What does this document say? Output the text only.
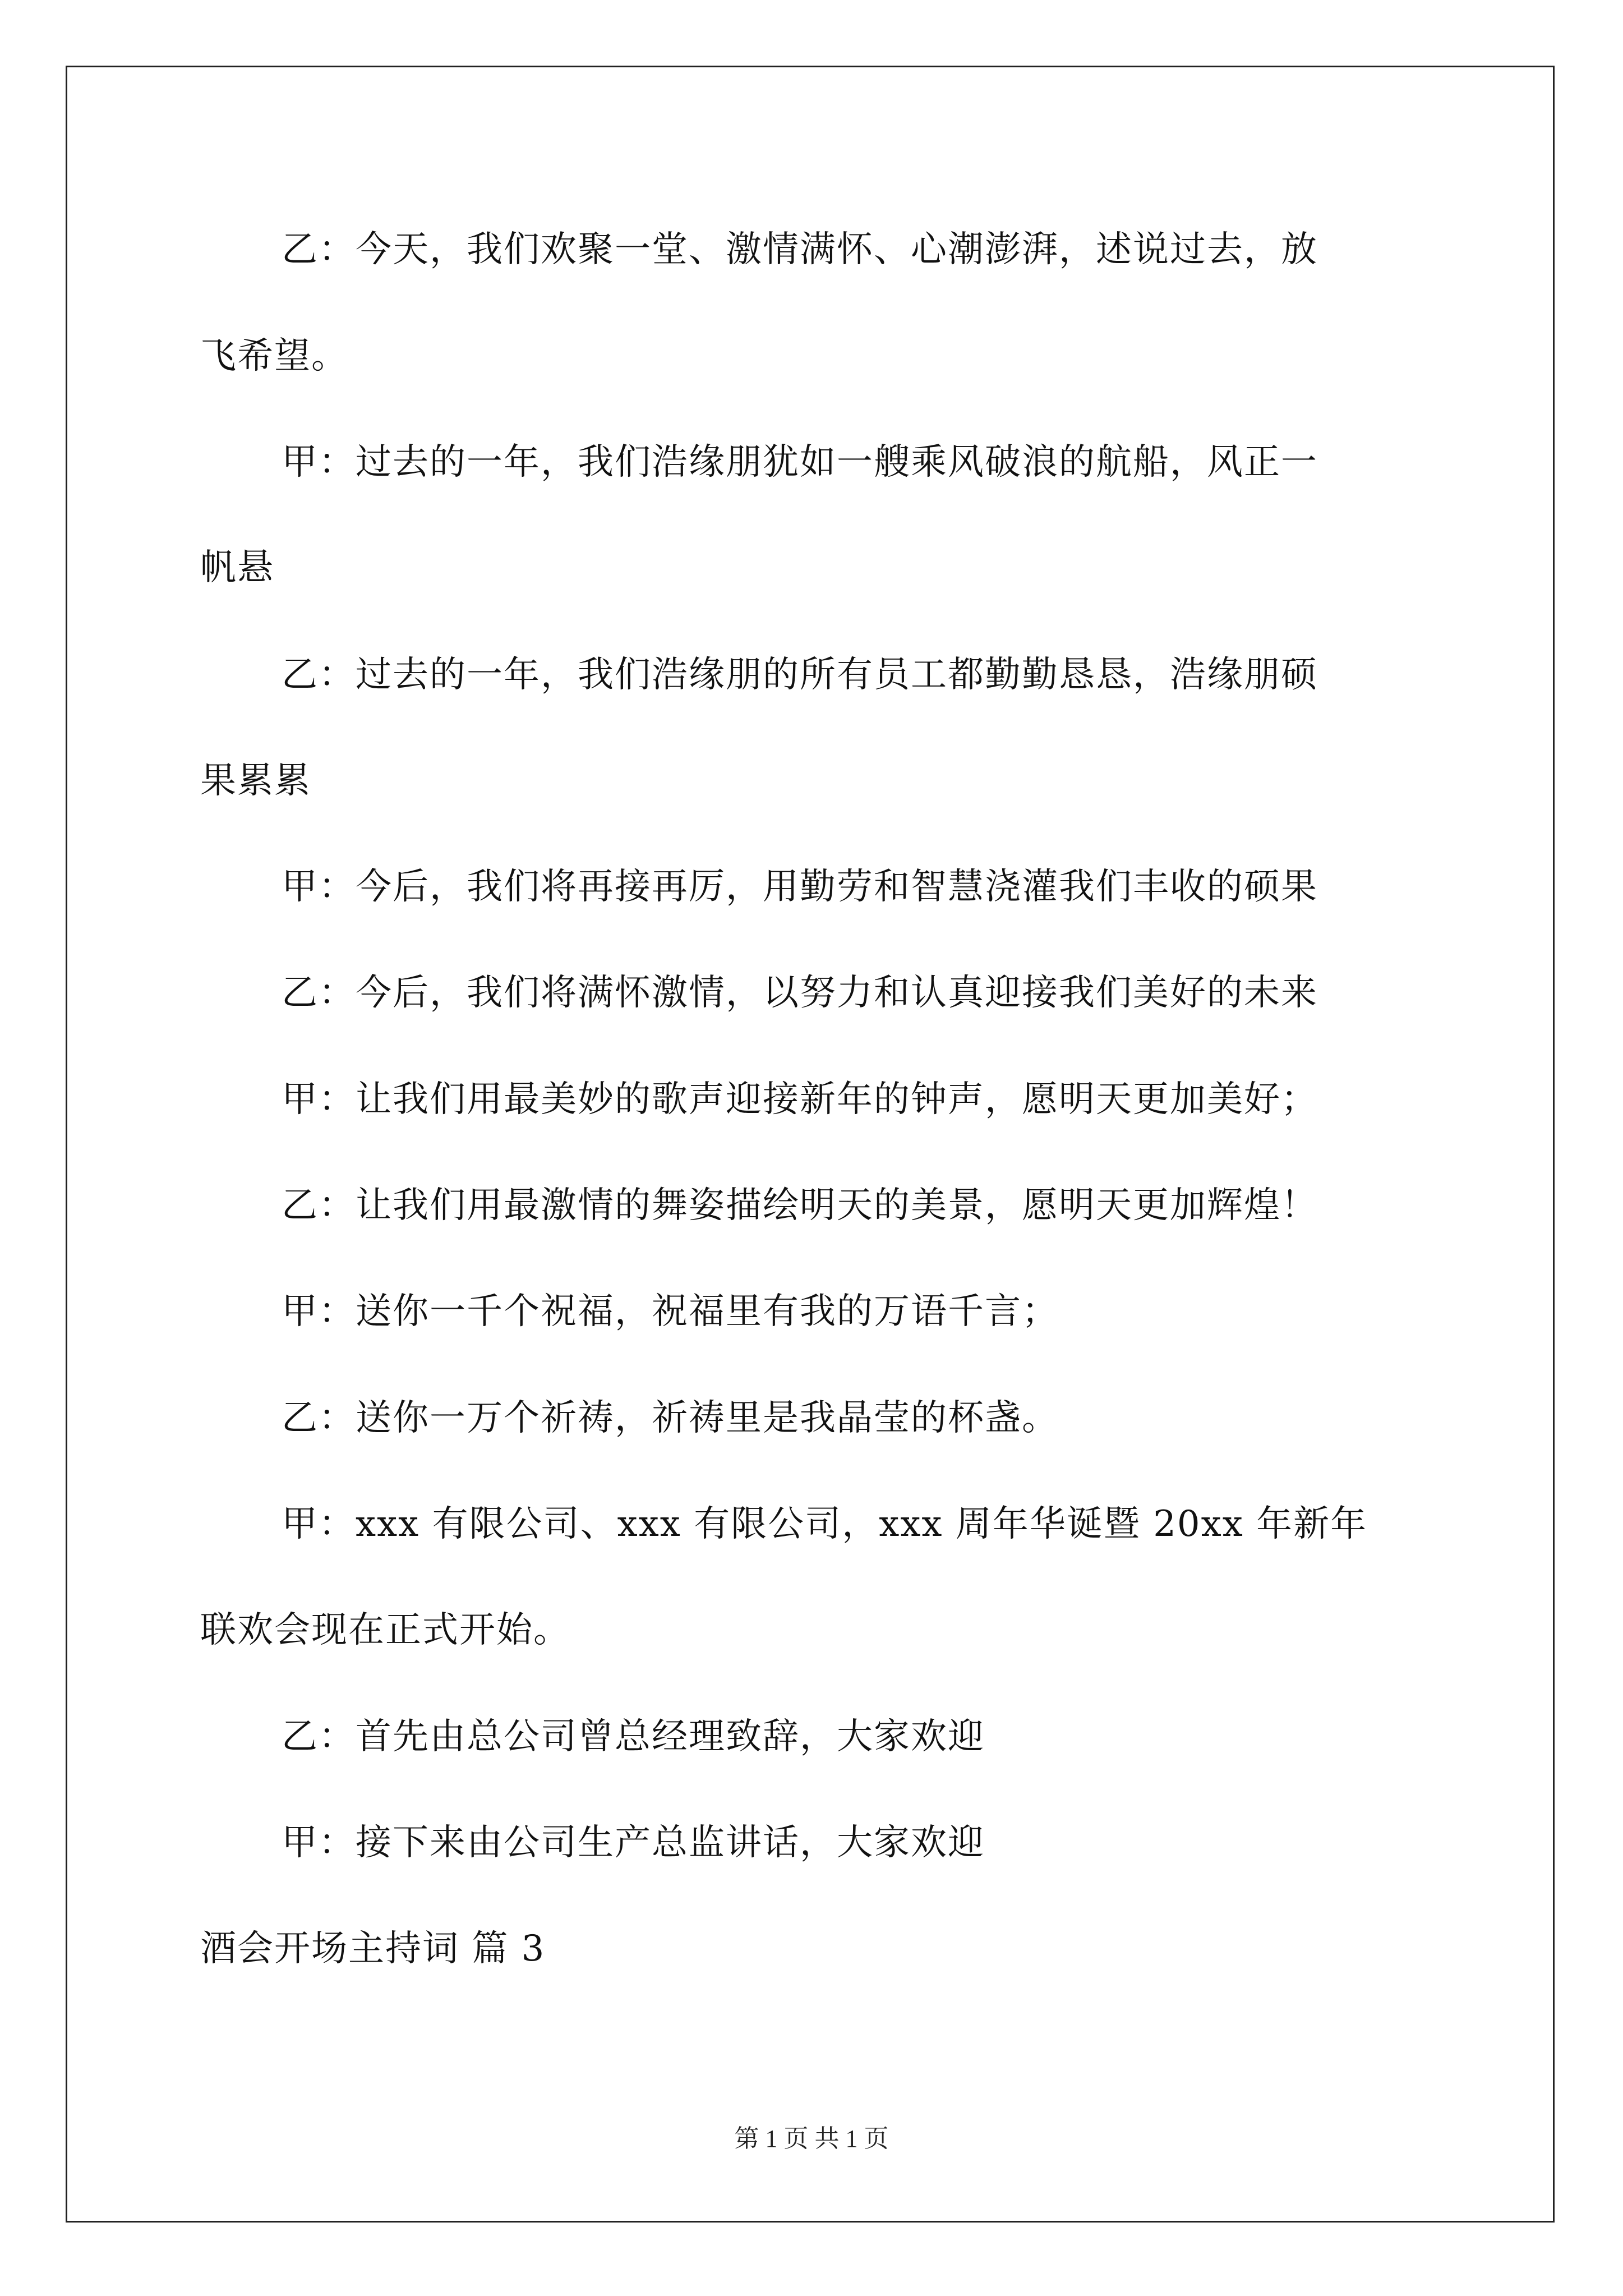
乙：今天，我们欢聚一堂、激情满怀、心潮澎湃，述说过去，放
飞希望。
甲：过去的一年，我们浩缘朋犹如一艘乘风破浪的航船，风正一
帆悬
乙：过去的一年，我们浩缘朋的所有员工都勤勤恳恳，浩缘朋硕
果累累
甲：今后，我们将再接再厉，用勤劳和智慧浇灌我们丰收的硕果
乙：今后，我们将满怀激情，以努力和认真迎接我们美好的未来
甲：让我们用最美妙的歌声迎接新年的钟声，愿明天更加美好；
乙：让我们用最激情的舞姿描绘明天的美景，愿明天更加辉煌！
甲：送你一千个祝福，祝福里有我的万语千言；
乙：送你一万个祈祷，祈祷里是我晶莹的杯盏。
甲：xxx 有限公司、xxx 有限公司，xxx 周年华诞暨 20xx 年新年
联欢会现在正式开始。
乙：首先由总公司曾总经理致辞，大家欢迎
甲：接下来由公司生产总监讲话，大家欢迎
酒会开场主持词 篇 3
第 1 页 共 1 页
